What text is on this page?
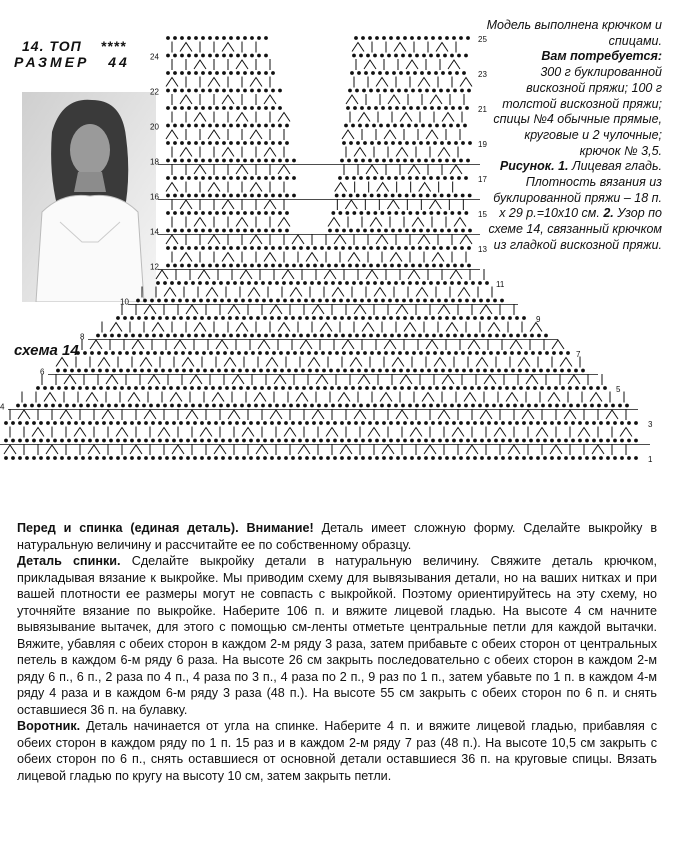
14. ТОП ****
РАЗМЕР 44	24
22
20
18
16
14
12
10
8
6
4
25
23
21
19
17
15
13
11
9
7
5
3
1
схема 14

Модель выполнена крючком и спицами.

Вам потребуется:

300 г буклированной вискозной пряжи; 100 г толстой вискозной пряжи; спицы №4 обычные прямые, круговые и 2 чулочные; крючок № 3,5.

Рисунок. 1. Лицевая гладь. Плотность вязания из буклированной пряжи – 18 п. х 29 р.=10х10 см. 2. Узор по схеме 14, связанный крючком из гладкой вискозной пряжи.

Перед и спинка (единая деталь). Внимание! Деталь имеет сложную форму. Сделайте выкройку в натуральную величину и рассчитайте ее по собственному образцу.

Деталь спинки. Сделайте выкройку детали в натуральную величину. Свяжите деталь крючком, прикладывая вязание к выкройке. Мы приводим схему для вывязывания детали, но на ваших нитках и при вашей плотности ее размеры могут не совпасть с выкройкой. Поэтому ориентируйтесь на эту схему, но уточняйте вязание по выкройке. Наберите 106 п. и вяжите лицевой гладью. На высоте 4 см начните вывязывание вытачек, для этого с помощью см-ленты отметьте центральные петли для каждой вытачки. Вяжите, убавляя с обеих сторон в каждом 2-м ряду 3 раза, затем прибавьте с обеих сторон от центральных петель в каждом 6-м ряду 6 раза. На высоте 26 см закрыть последовательно с обеих сторон в каждом 2-м ряду 6 п., 6 п., 2 раза по 4 п., 4 раза по 3 п., 4 раза по 2 п., 9 раз по 1 п., затем убавьте по 1 п. в каждом 4-м ряду 4 раза и в каждом 6-м ряду 3 раза (48 п.). На высоте 55 см закрыть с обеих сторон по 6 п. и снять оставшиеся 36 п. на булавку.

Воротник. Деталь начинается от угла на спинке. Наберите 4 п. и вяжите лицевой гладью, прибавляя с обеих сторон в каждом ряду по 1 п. 15 раз и в каждом 2-м ряду 7 раз (48 п.). На высоте 10,5 см закрыть с обеих сторон по 6 п., снять оставшиеся от основной детали оставшиеся 36 п. на круговые спицы. Вязать лицевой гладью по кругу на высоту 10 см, затем закрыть петли.
